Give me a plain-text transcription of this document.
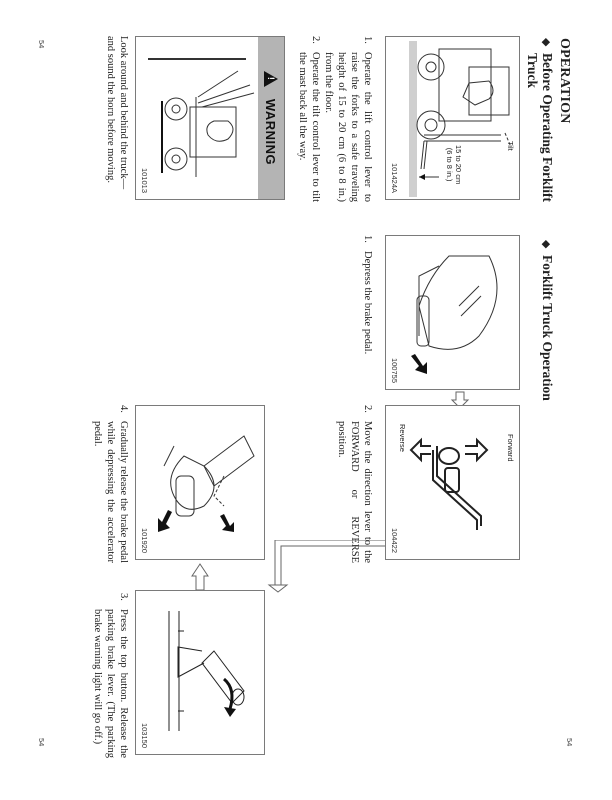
OPERATION
◆Before Operating Forklift
Truck
◆Forklift Truck Operation
Tilt
15 to 20 cm
(6 to 8 in.)
101424A
1.
Operate the lift control lever to raise the forks to a safe traveling height of 15 to 20 cm (6 to 8 in.) from the floor.
2.
Operate the tilt control lever to tilt the mast back all the way.
!
WARNING
101013
Look around and behind the truck—and sound the horn before moving.
100755
1.
Depress the brake pedal.
Forward
Reverse
104422
2.
Move the direction lever to the FORWARD or REVERSE position.
101920
4.
Gradually release the brake pedal while depressing the accelerator pedal.
103150
3.
Press the top button. Release the parking brake lever. (The parking brake warning light will go off.)
54
54	54
